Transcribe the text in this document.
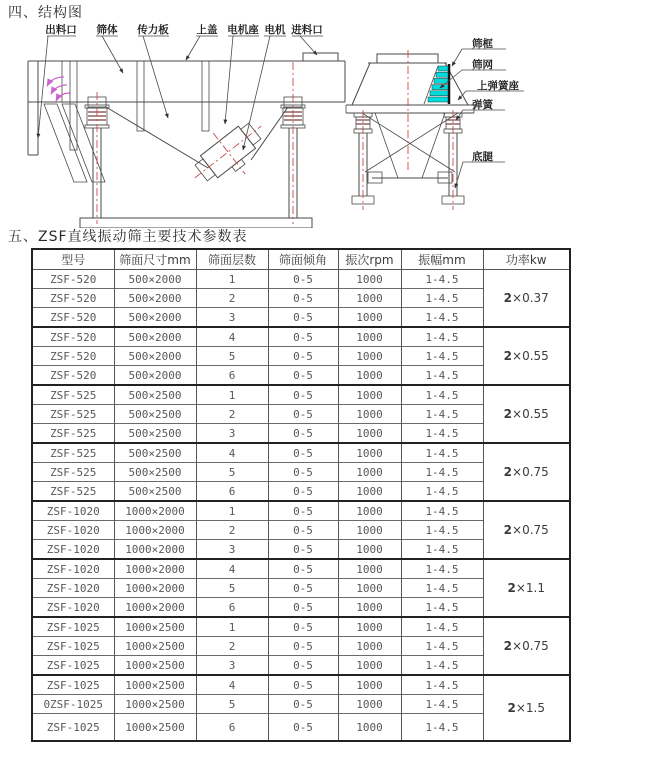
四、结构图
出料口 筛体 传力板	上盖 电机座 电机 进料口
筛框
筛网
上弹簧座
弹簧
底腿
五、ZSF直线振动筛主要技术参数表
型号	筛面尺寸mm	筛面层数	筛面倾角	振次rpm	振幅mm	功率kw
ZSF-520	500×2000	1	0-5	1000	1-4.5	2×0.37
ZSF-520	500×2000	2	0-5	1000	1-4.5	
ZSF-520	500×2000	3	0-5	1000	1-4.5	
ZSF-520	500×2000	4	0-5	1000	1-4.5	2×0.55
ZSF-520	500×2000	5	0-5	1000	1-4.5	
ZSF-520	500×2000	6	0-5	1000	1-4.5	
ZSF-525	500×2500	1	0-5	1000	1-4.5	2×0.55
ZSF-525	500×2500	2	0-5	1000	1-4.5	
ZSF-525	500×2500	3	0-5	1000	1-4.5	
ZSF-525	500×2500	4	0-5	1000	1-4.5	2×0.75
ZSF-525	500×2500	5	0-5	1000	1-4.5	
ZSF-525	500×2500	6	0-5	1000	1-4.5	
ZSF-1020	1000×2000	1	0-5	1000	1-4.5	2×0.75
ZSF-1020	1000×2000	2	0-5	1000	1-4.5	
ZSF-1020	1000×2000	3	0-5	1000	1-4.5	
ZSF-1020	1000×2000	4	0-5	1000	1-4.5	2×1.1
ZSF-1020	1000×2000	5	0-5	1000	1-4.5	
ZSF-1020	1000×2000	6	0-5	1000	1-4.5	
ZSF-1025	1000×2500	1	0-5	1000	1-4.5	2×0.75
ZSF-1025	1000×2500	2	0-5	1000	1-4.5	
ZSF-1025	1000×2500	3	0-5	1000	1-4.5	
ZSF-1025	1000×2500	4	0-5	1000	1-4.5	2×1.5
0ZSF-1025	1000×2500	5	0-5	1000	1-4.5	
ZSF-1025	1000×2500	6	0-5	1000	1-4.5	
